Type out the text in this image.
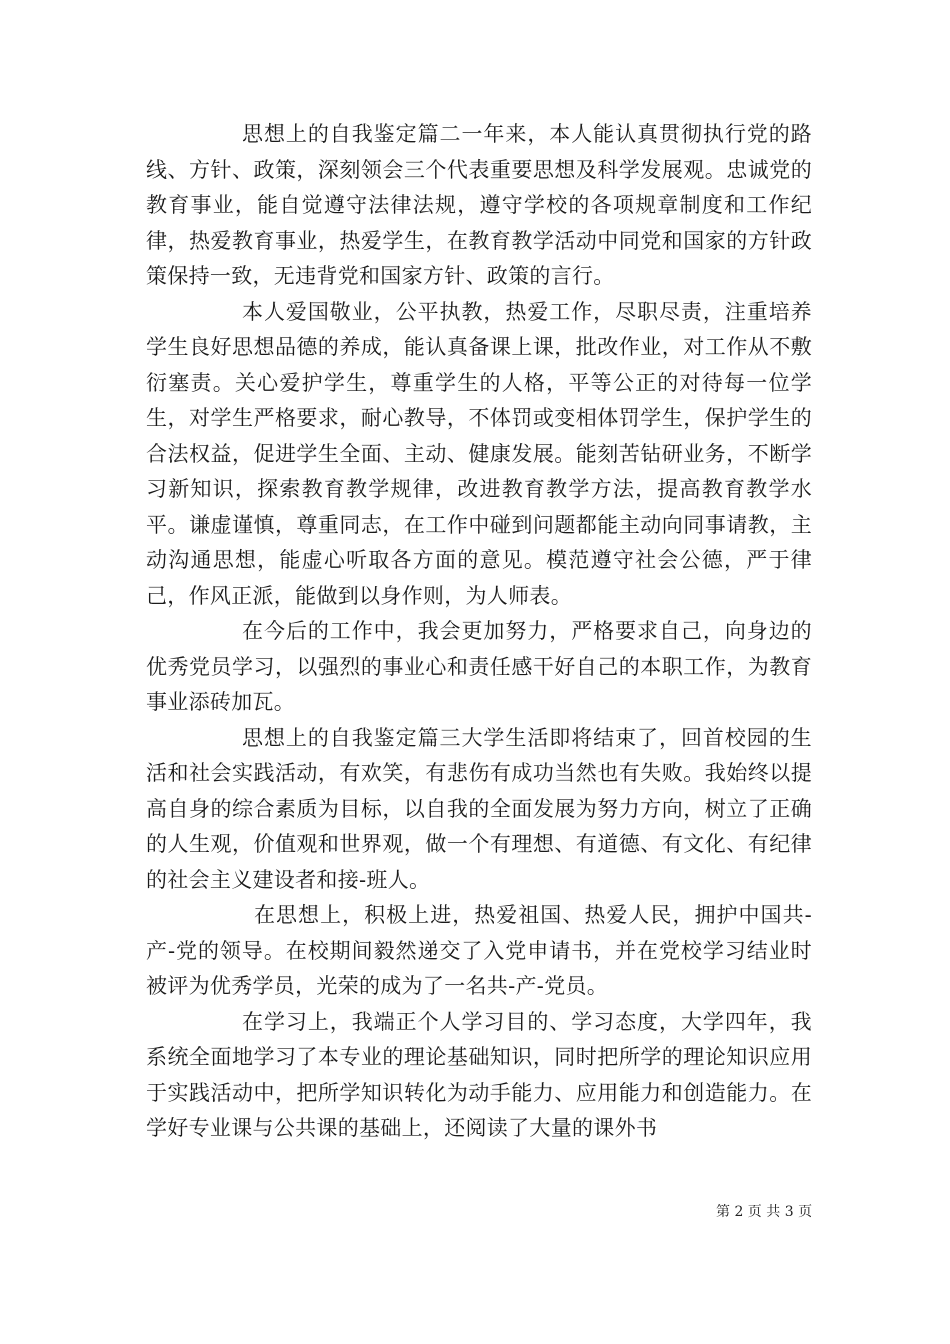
思想上的自我鉴定篇二一年来，本人能认真贯彻执行党的路线、方针、政策，深刻领会三个代表重要思想及科学发展观。忠诚党的教育事业，能自觉遵守法律法规，遵守学校的各项规章制度和工作纪律，热爱教育事业，热爱学生，在教育教学活动中同党和国家的方针政策保持一致，无违背党和国家方针、政策的言行。

本人爱国敬业，公平执教，热爱工作，尽职尽责，注重培养学生良好思想品德的养成，能认真备课上课，批改作业，对工作从不敷衍塞责。关心爱护学生，尊重学生的人格，平等公正的对待每一位学生，对学生严格要求，耐心教导，不体罚或变相体罚学生，保护学生的合法权益，促进学生全面、主动、健康发展。能刻苦钻研业务，不断学习新知识，探索教育教学规律，改进教育教学方法，提高教育教学水平。谦虚谨慎，尊重同志，在工作中碰到问题都能主动向同事请教，主动沟通思想，能虚心听取各方面的意见。模范遵守社会公德，严于律己，作风正派，能做到以身作则，为人师表。

在今后的工作中，我会更加努力，严格要求自己，向身边的优秀党员学习，以强烈的事业心和责任感干好自己的本职工作，为教育事业添砖加瓦。

思想上的自我鉴定篇三大学生活即将结束了，回首校园的生活和社会实践活动，有欢笑，有悲伤有成功当然也有失败。我始终以提高自身的综合素质为目标，以自我的全面发展为努力方向，树立了正确的人生观，价值观和世界观，做一个有理想、有道德、有文化、有纪律的社会主义建设者和接-班人。

在思想上，积极上进，热爱祖国、热爱人民，拥护中国共-产-党的领导。在校期间毅然递交了入党申请书，并在党校学习结业时被评为优秀学员，光荣的成为了一名共-产-党员。

在学习上，我端正个人学习目的、学习态度，大学四年，我系统全面地学习了本专业的理论基础知识，同时把所学的理论知识应用于实践活动中，把所学知识转化为动手能力、应用能力和创造能力。在学好专业课与公共课的基础上，还阅读了大量的课外书

第 2 页 共 3 页
